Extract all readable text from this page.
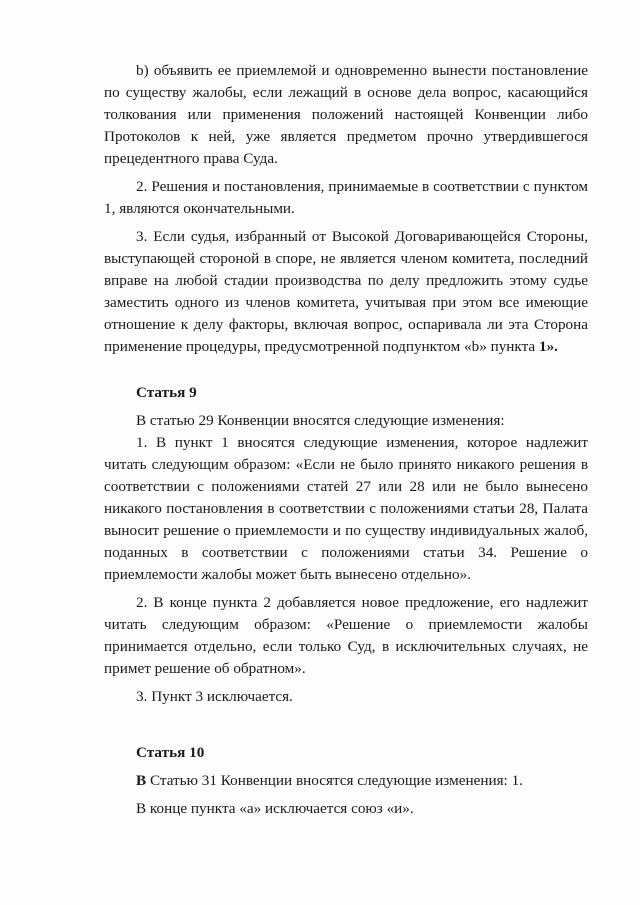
b) объявить ее приемлемой и одновременно вынести постановление по существу жалобы, если лежащий в основе дела вопрос, касающийся толкования или применения положений настоящей Конвенции либо Протоколов к ней, уже является предметом прочно утвердившегося прецедентного права Суда.

2. Решения и постановления, принимаемые в соответствии с пунктом 1, являются окончательными.

3. Если судья, избранный от Высокой Договаривающейся Стороны, выступающей стороной в споре, не является членом комитета, последний вправе на любой стадии производства по делу предложить этому судье заместить одного из членов комитета, учитывая при этом все имеющие отношение к делу факторы, включая вопрос, оспаривала ли эта Сторона применение процедуры, предусмотренной подпунктом «b» пункта 1».

Статья 9

В статью 29 Конвенции вносятся следующие изменения:

1. В пункт 1 вносятся следующие изменения, которое надлежит читать следующим образом: «Если не было принято никакого решения в соответствии с положениями статей 27 или 28 или не было вынесено никакого постановления в соответствии с положениями статьи 28, Палата выносит решение о приемлемости и по существу индивидуальных жалоб, поданных в соответствии с положениями статьи 34. Решение о приемлемости жалобы может быть вынесено отдельно».

2. В конце пункта 2 добавляется новое предложение, его надлежит читать следующим образом: «Решение о приемлемости жалобы принимается отдельно, если только Суд, в исключительных случаях, не примет решение об обратном».

3. Пункт 3 исключается.

Статья 10

В Статью 31 Конвенции вносятся следующие изменения: 1.

В конце пункта «а» исключается союз «и».
